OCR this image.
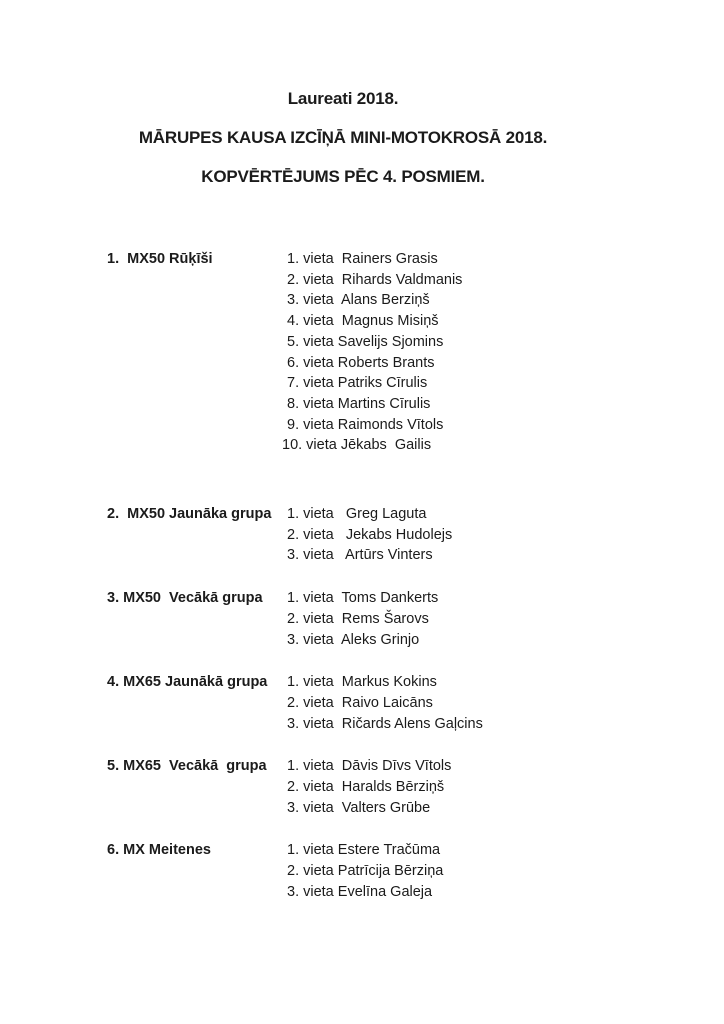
Laureati 2018.
MĀRUPES KAUSA IZCĪŅĀ MINI-MOTOKROSĀ 2018.
KOPVĒRTĒJUMS PĒC 4. POSMIEM.
1.  MX50 Rūķīši	1. vieta  Rainers Grasis
2. vieta  Rihards Valdmanis
3. vieta  Alans Berziņš
4. vieta  Magnus Misiņš
5. vieta Savelijs Sjomins
6. vieta Roberts Brants
7. vieta Patriks Cīrulis
8. vieta Martins Cīrulis
9. vieta Raimonds Vītols
10. vieta Jēkabs  Gailis
2.  MX50 Jaunāka grupa	1. vieta   Greg Laguta
2. vieta   Jekabs Hudolejs
3. vieta   Artūrs Vinters
3. MX50  Vecākā grupa	1. vieta  Toms Dankerts
2. vieta  Rems Šarovs
3. vieta  Aleks Grinjo
4. MX65 Jaunākā grupa	1. vieta  Markus Kokins
2. vieta  Raivo Laicāns
3. vieta  Ričards Alens Gaļcins
5. MX65  Vecākā  grupa	1. vieta  Dāvis Dīvs Vītols
2. vieta  Haralds Bērziņš
3. vieta  Valters Grūbe
6. MX Meitenes	1. vieta Estere Tračūma
2. vieta Patrīcija Bērziņa
3. vieta Evelīna Galeja
